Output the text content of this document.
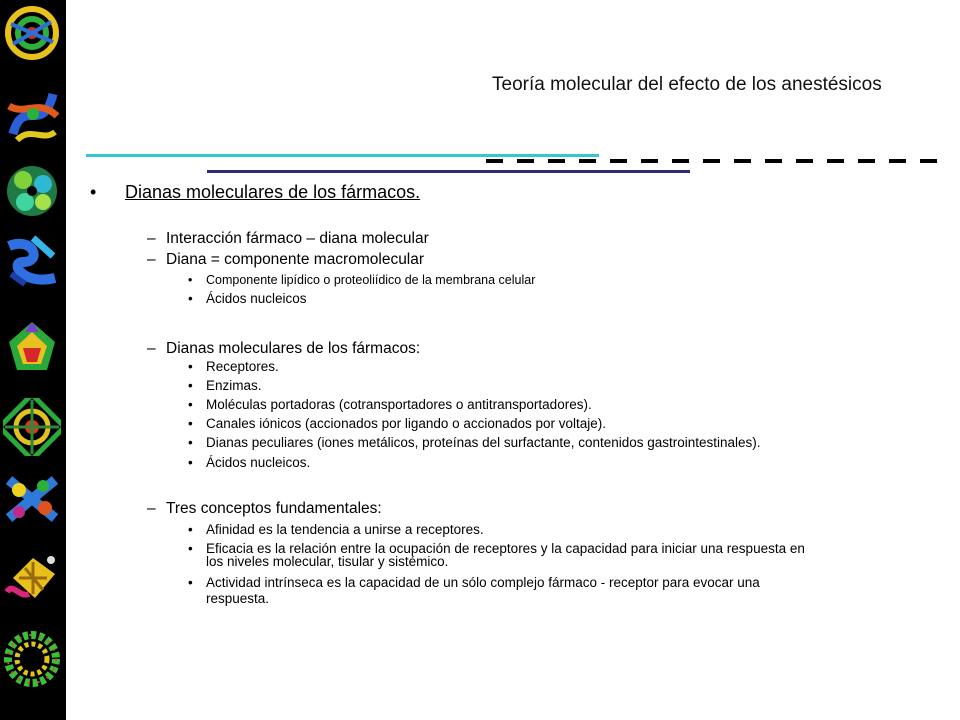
Teoría molecular del efecto de los anestésicos
• Dianas moleculares de los fármacos.
– Interacción fármaco – diana molecular
– Diana = componente macromolecular
• Componente lipídico o proteoliídico de la membrana celular
• Ácidos nucleicos
– Dianas moleculares de los fármacos:
• Receptores.
• Enzimas.
• Moléculas portadoras (cotransportadores o antitransportadores).
• Canales iónicos (accionados por ligando o accionados por voltaje).
• Dianas peculiares (iones metálicos, proteínas del surfactante, contenidos gastrointestinales).
• Ácidos nucleicos.
– Tres conceptos fundamentales:
• Afinidad es la tendencia a unirse a receptores.
• Eficacia es la relación entre la ocupación de receptores y la capacidad para iniciar una respuesta en
los niveles molecular, tisular y sistémico.
• Actividad intrínseca es la capacidad de un sólo complejo fármaco - receptor para evocar una
respuesta.
